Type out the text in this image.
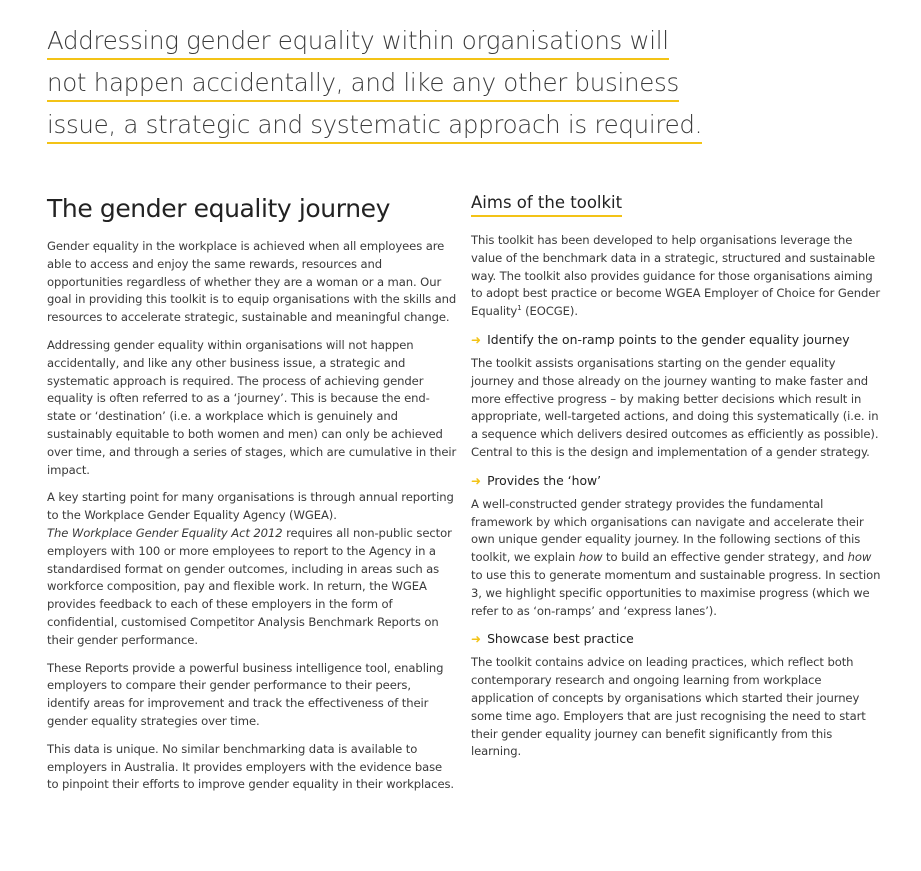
Addressing gender equality within organisations will
not happen accidentally, and like any other business
issue, a strategic and systematic approach is required.
The gender equality journey

Gender equality in the workplace is achieved when all employees are able to access and enjoy the same rewards, resources and opportunities regardless of whether they are a woman or a man. Our goal in providing this toolkit is to equip organisations with the skills and resources to accelerate strategic, sustainable and meaningful change.

Addressing gender equality within organisations will not happen accidentally, and like any other business issue, a strategic and systematic approach is required. The process of achieving gender equality is often referred to as a ‘journey’. This is because the end-state or ‘destination’ (i.e. a workplace which is genuinely and sustainably equitable to both women and men) can only be achieved over time, and through a series of stages, which are cumulative in their impact.

A key starting point for many organisations is through annual reporting to the Workplace Gender Equality Agency (WGEA).
The Workplace Gender Equality Act 2012 requires all non-public sector employers with 100 or more employees to report to the Agency in a standardised format on gender outcomes, including in areas such as workforce composition, pay and flexible work. In return, the WGEA provides feedback to each of these employers in the form of confidential, customised Competitor Analysis Benchmark Reports on their gender performance.

These Reports provide a powerful business intelligence tool, enabling employers to compare their gender performance to their peers, identify areas for improvement and track the effectiveness of their gender equality strategies over time.

This data is unique. No similar benchmarking data is available to employers in Australia. It provides employers with the evidence base to pinpoint their efforts to improve gender equality in their workplaces.

Aims of the toolkit

This toolkit has been developed to help organisations leverage the value of the benchmark data in a strategic, structured and sustainable way. The toolkit also provides guidance for those organisations aiming to adopt best practice or become WGEA Employer of Choice for Gender Equality$^1$ (EOCGE).

➜ Identify the on-ramp points to the gender equality journey

The toolkit assists organisations starting on the gender equality journey and those already on the journey wanting to make faster and more effective progress – by making better decisions which result in appropriate, well-targeted actions, and doing this systematically (i.e. in a sequence which delivers desired outcomes as efficiently as possible). Central to this is the design and implementation of a gender strategy.

➜ Provides the ‘how’

A well-constructed gender strategy provides the fundamental framework by which organisations can navigate and accelerate their own unique gender equality journey. In the following sections of this toolkit, we explain how to build an effective gender strategy, and how to use this to generate momentum and sustainable progress. In section 3, we highlight specific opportunities to maximise progress (which we refer to as ‘on-ramps’ and ‘express lanes’).

➜ Showcase best practice

The toolkit contains advice on leading practices, which reflect both contemporary research and ongoing learning from workplace application of concepts by organisations which started their journey some time ago. Employers that are just recognising the need to start their gender equality journey can benefit significantly from this learning.
